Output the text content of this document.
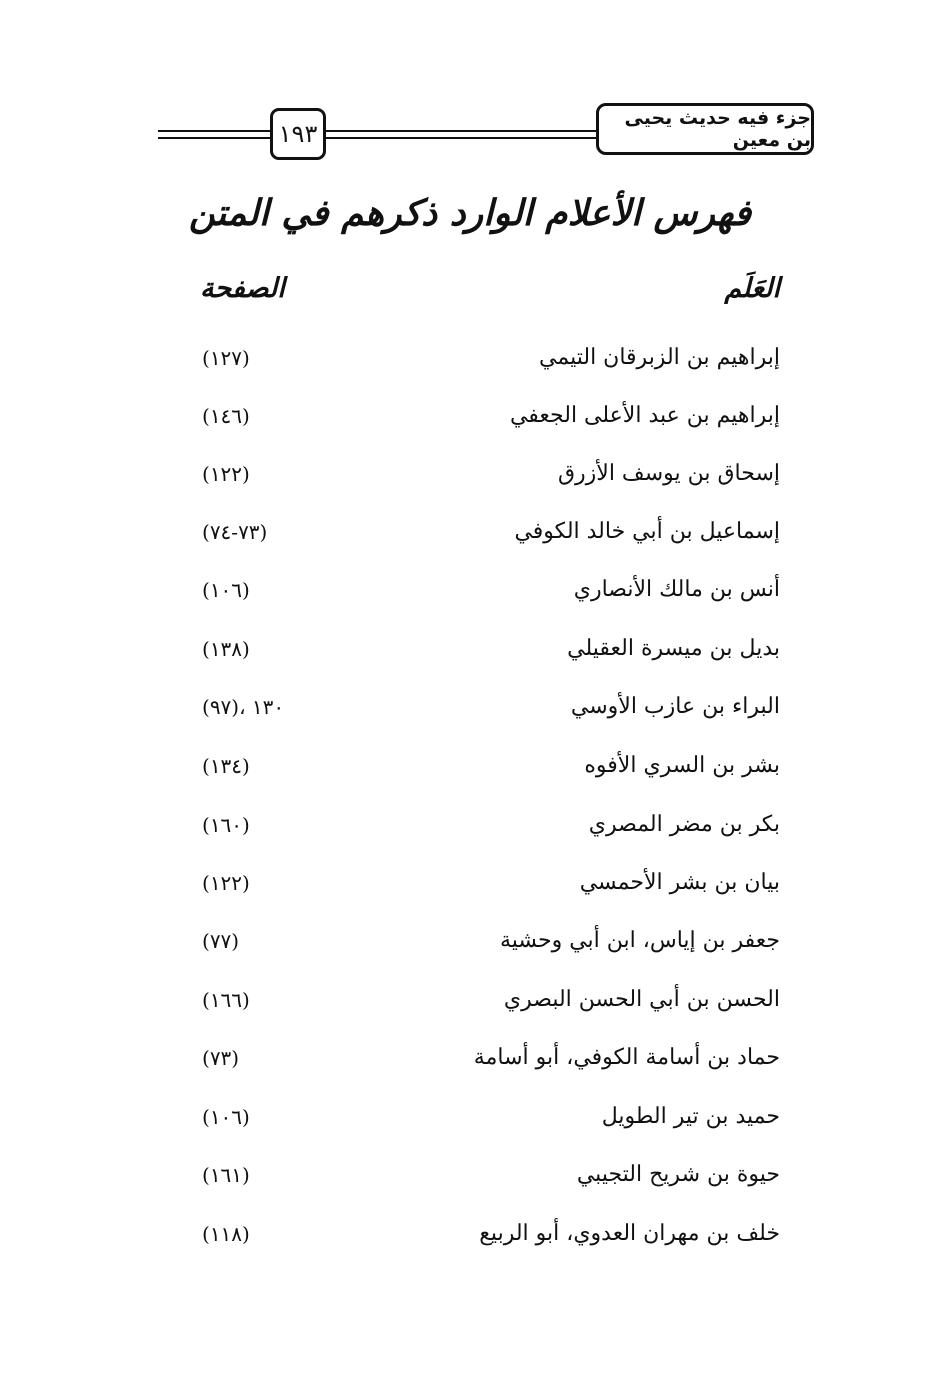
١٩٣
جزء فيه حديث يحيى بن معين
فهرس الأعلام الوارد ذكرهم في المتن
العَلَم
الصفحة
إبراهيم بن الزبرقان التيمي
(١٢٧)
إبراهيم بن عبد الأعلى الجعفي
(١٤٦)
إسحاق بن يوسف الأزرق
(١٢٢)
إسماعيل بن أبي خالد الكوفي
(٧٣-٧٤)
أنس بن مالك الأنصاري
(١٠٦)
بديل بن ميسرة العقيلي
(١٣٨)
البراء بن عازب الأوسي
(٩٧)، ١٣٠
بشر بن السري الأفوه
(١٣٤)
بكر بن مضر المصري
(١٦٠)
بيان بن بشر الأحمسي
(١٢٢)
جعفر بن إياس، ابن أبي وحشية
(٧٧)
الحسن بن أبي الحسن البصري
(١٦٦)
حماد بن أسامة الكوفي، أبو أسامة
(٧٣)
حميد بن تير الطويل
(١٠٦)
حيوة بن شريح التجيبي
(١٦١)
خلف بن مهران العدوي، أبو الربيع
(١١٨)
